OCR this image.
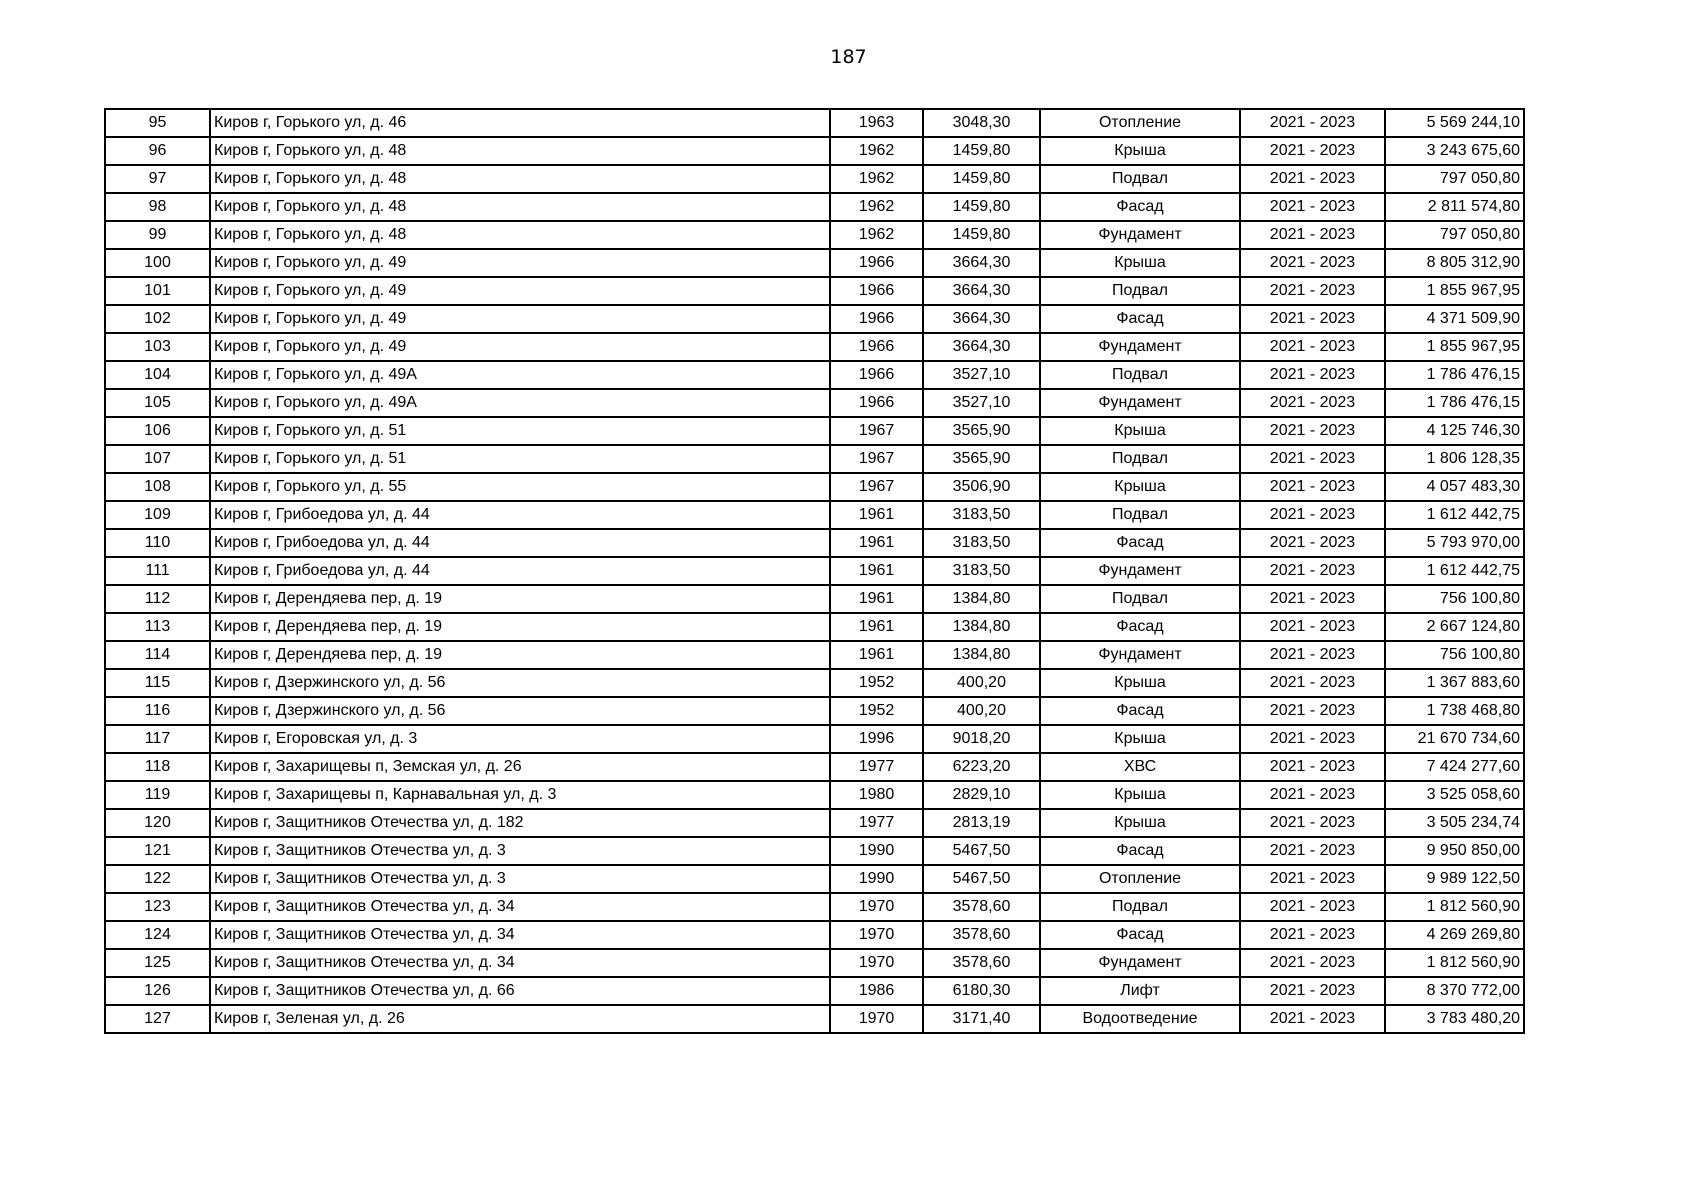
187
95	Киров г, Горького ул, д. 46	1963	3048,30	Отопление	2021 - 2023	5 569 244,10
96	Киров г, Горького ул, д. 48	1962	1459,80	Крыша	2021 - 2023	3 243 675,60
97	Киров г, Горького ул, д. 48	1962	1459,80	Подвал	2021 - 2023	797 050,80
98	Киров г, Горького ул, д. 48	1962	1459,80	Фасад	2021 - 2023	2 811 574,80
99	Киров г, Горького ул, д. 48	1962	1459,80	Фундамент	2021 - 2023	797 050,80
100	Киров г, Горького ул, д. 49	1966	3664,30	Крыша	2021 - 2023	8 805 312,90
101	Киров г, Горького ул, д. 49	1966	3664,30	Подвал	2021 - 2023	1 855 967,95
102	Киров г, Горького ул, д. 49	1966	3664,30	Фасад	2021 - 2023	4 371 509,90
103	Киров г, Горького ул, д. 49	1966	3664,30	Фундамент	2021 - 2023	1 855 967,95
104	Киров г, Горького ул, д. 49А	1966	3527,10	Подвал	2021 - 2023	1 786 476,15
105	Киров г, Горького ул, д. 49А	1966	3527,10	Фундамент	2021 - 2023	1 786 476,15
106	Киров г, Горького ул, д. 51	1967	3565,90	Крыша	2021 - 2023	4 125 746,30
107	Киров г, Горького ул, д. 51	1967	3565,90	Подвал	2021 - 2023	1 806 128,35
108	Киров г, Горького ул, д. 55	1967	3506,90	Крыша	2021 - 2023	4 057 483,30
109	Киров г, Грибоедова ул, д. 44	1961	3183,50	Подвал	2021 - 2023	1 612 442,75
110	Киров г, Грибоедова ул, д. 44	1961	3183,50	Фасад	2021 - 2023	5 793 970,00
111	Киров г, Грибоедова ул, д. 44	1961	3183,50	Фундамент	2021 - 2023	1 612 442,75
112	Киров г, Дерендяева пер, д. 19	1961	1384,80	Подвал	2021 - 2023	756 100,80
113	Киров г, Дерендяева пер, д. 19	1961	1384,80	Фасад	2021 - 2023	2 667 124,80
114	Киров г, Дерендяева пер, д. 19	1961	1384,80	Фундамент	2021 - 2023	756 100,80
115	Киров г, Дзержинского ул, д. 56	1952	400,20	Крыша	2021 - 2023	1 367 883,60
116	Киров г, Дзержинского ул, д. 56	1952	400,20	Фасад	2021 - 2023	1 738 468,80
117	Киров г, Егоровская ул, д. 3	1996	9018,20	Крыша	2021 - 2023	21 670 734,60
118	Киров г, Захарищевы п, Земская ул, д. 26	1977	6223,20	ХВС	2021 - 2023	7 424 277,60
119	Киров г, Захарищевы п, Карнавальная ул, д. 3	1980	2829,10	Крыша	2021 - 2023	3 525 058,60
120	Киров г, Защитников Отечества ул, д. 182	1977	2813,19	Крыша	2021 - 2023	3 505 234,74
121	Киров г, Защитников Отечества ул, д. 3	1990	5467,50	Фасад	2021 - 2023	9 950 850,00
122	Киров г, Защитников Отечества ул, д. 3	1990	5467,50	Отопление	2021 - 2023	9 989 122,50
123	Киров г, Защитников Отечества ул, д. 34	1970	3578,60	Подвал	2021 - 2023	1 812 560,90
124	Киров г, Защитников Отечества ул, д. 34	1970	3578,60	Фасад	2021 - 2023	4 269 269,80
125	Киров г, Защитников Отечества ул, д. 34	1970	3578,60	Фундамент	2021 - 2023	1 812 560,90
126	Киров г, Защитников Отечества ул, д. 66	1986	6180,30	Лифт	2021 - 2023	8 370 772,00
127	Киров г, Зеленая ул, д. 26	1970	3171,40	Водоотведение	2021 - 2023	3 783 480,20
